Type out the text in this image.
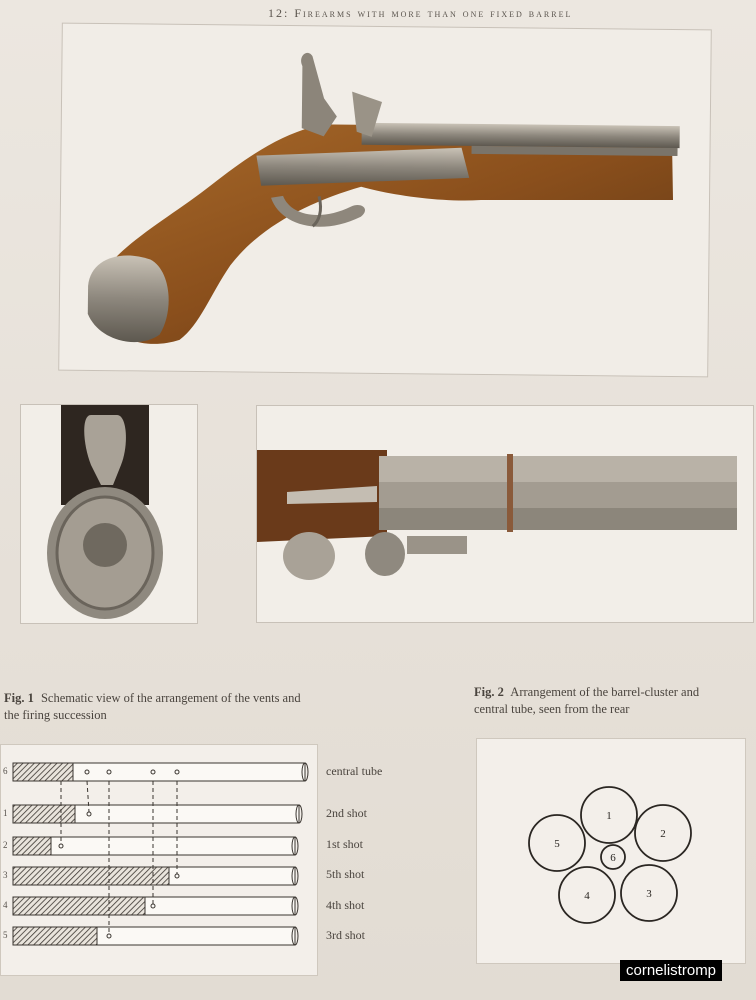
12: Firearms with more than one fixed barrel
Fig. 1 Schematic view of the arrangement of the vents and
the firing succession
6
1
2
3
4
5
central tube
2nd shot
1st shot
5th shot
4th shot
3rd shot
Fig. 2 Arrangement of the barrel-cluster and
central tube, seen from the rear
1
2
3
4
5
6
cornelistromp
